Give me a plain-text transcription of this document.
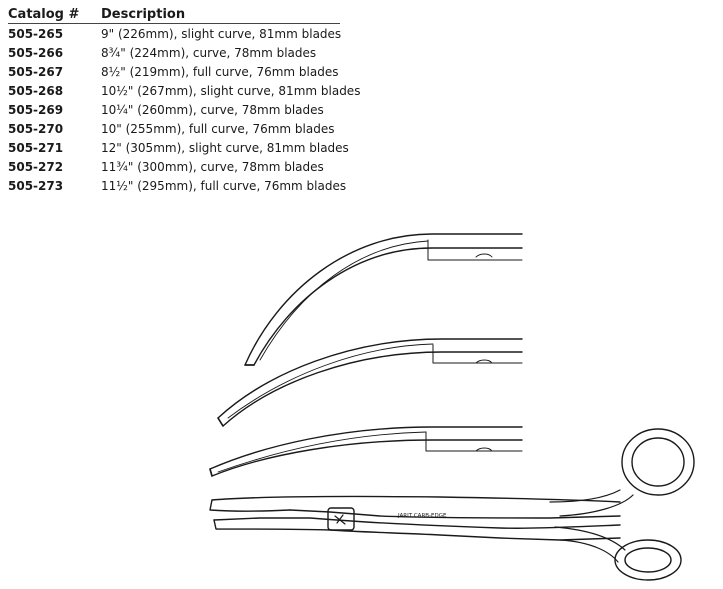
Catalog #	Description
505-265	9" (226mm), slight curve, 81mm blades
505-266	8¾" (224mm), curve, 78mm blades
505-267	8½" (219mm), full curve, 76mm blades
505-268	10½" (267mm), slight curve, 81mm blades
505-269	10¼" (260mm), curve, 78mm blades
505-270	10" (255mm), full curve, 76mm blades
505-271	12" (305mm), slight curve, 81mm blades
505-272	11¾" (300mm), curve, 78mm blades
505-273	11½" (295mm), full curve, 76mm blades
JARIT CARB-EDGE
